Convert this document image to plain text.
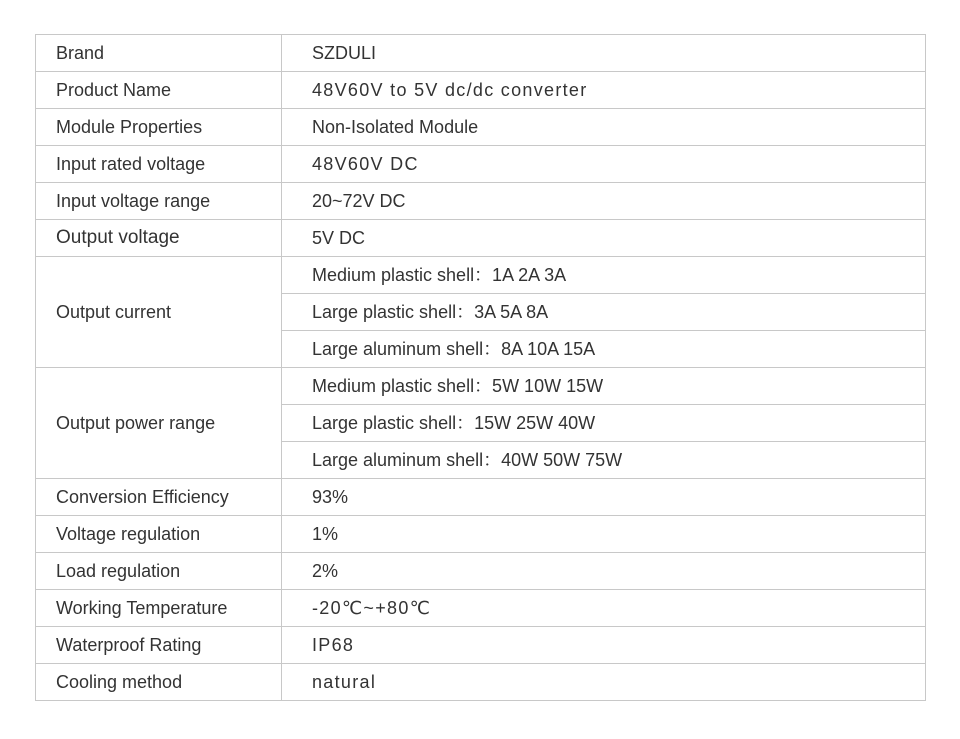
Brand	SZDULI
Product Name	48V60V to 5V dc/dc converter
Module Properties	Non-Isolated Module
Input rated voltage	48V60V DC
Input voltage range	20~72V DC
Output voltage	5V DC
Output current	Medium plastic shell：1A 2A 3A
	Large plastic shell：3A 5A 8A
	Large aluminum shell：8A 10A 15A
Output power range	Medium plastic shell：5W 10W 15W
	Large plastic shell：15W 25W 40W
	Large aluminum shell：40W 50W 75W
Conversion Efficiency	93%
Voltage regulation	1%
Load regulation	2%
Working Temperature	-20℃~+80℃
Waterproof Rating	IP68
Cooling method	natural
